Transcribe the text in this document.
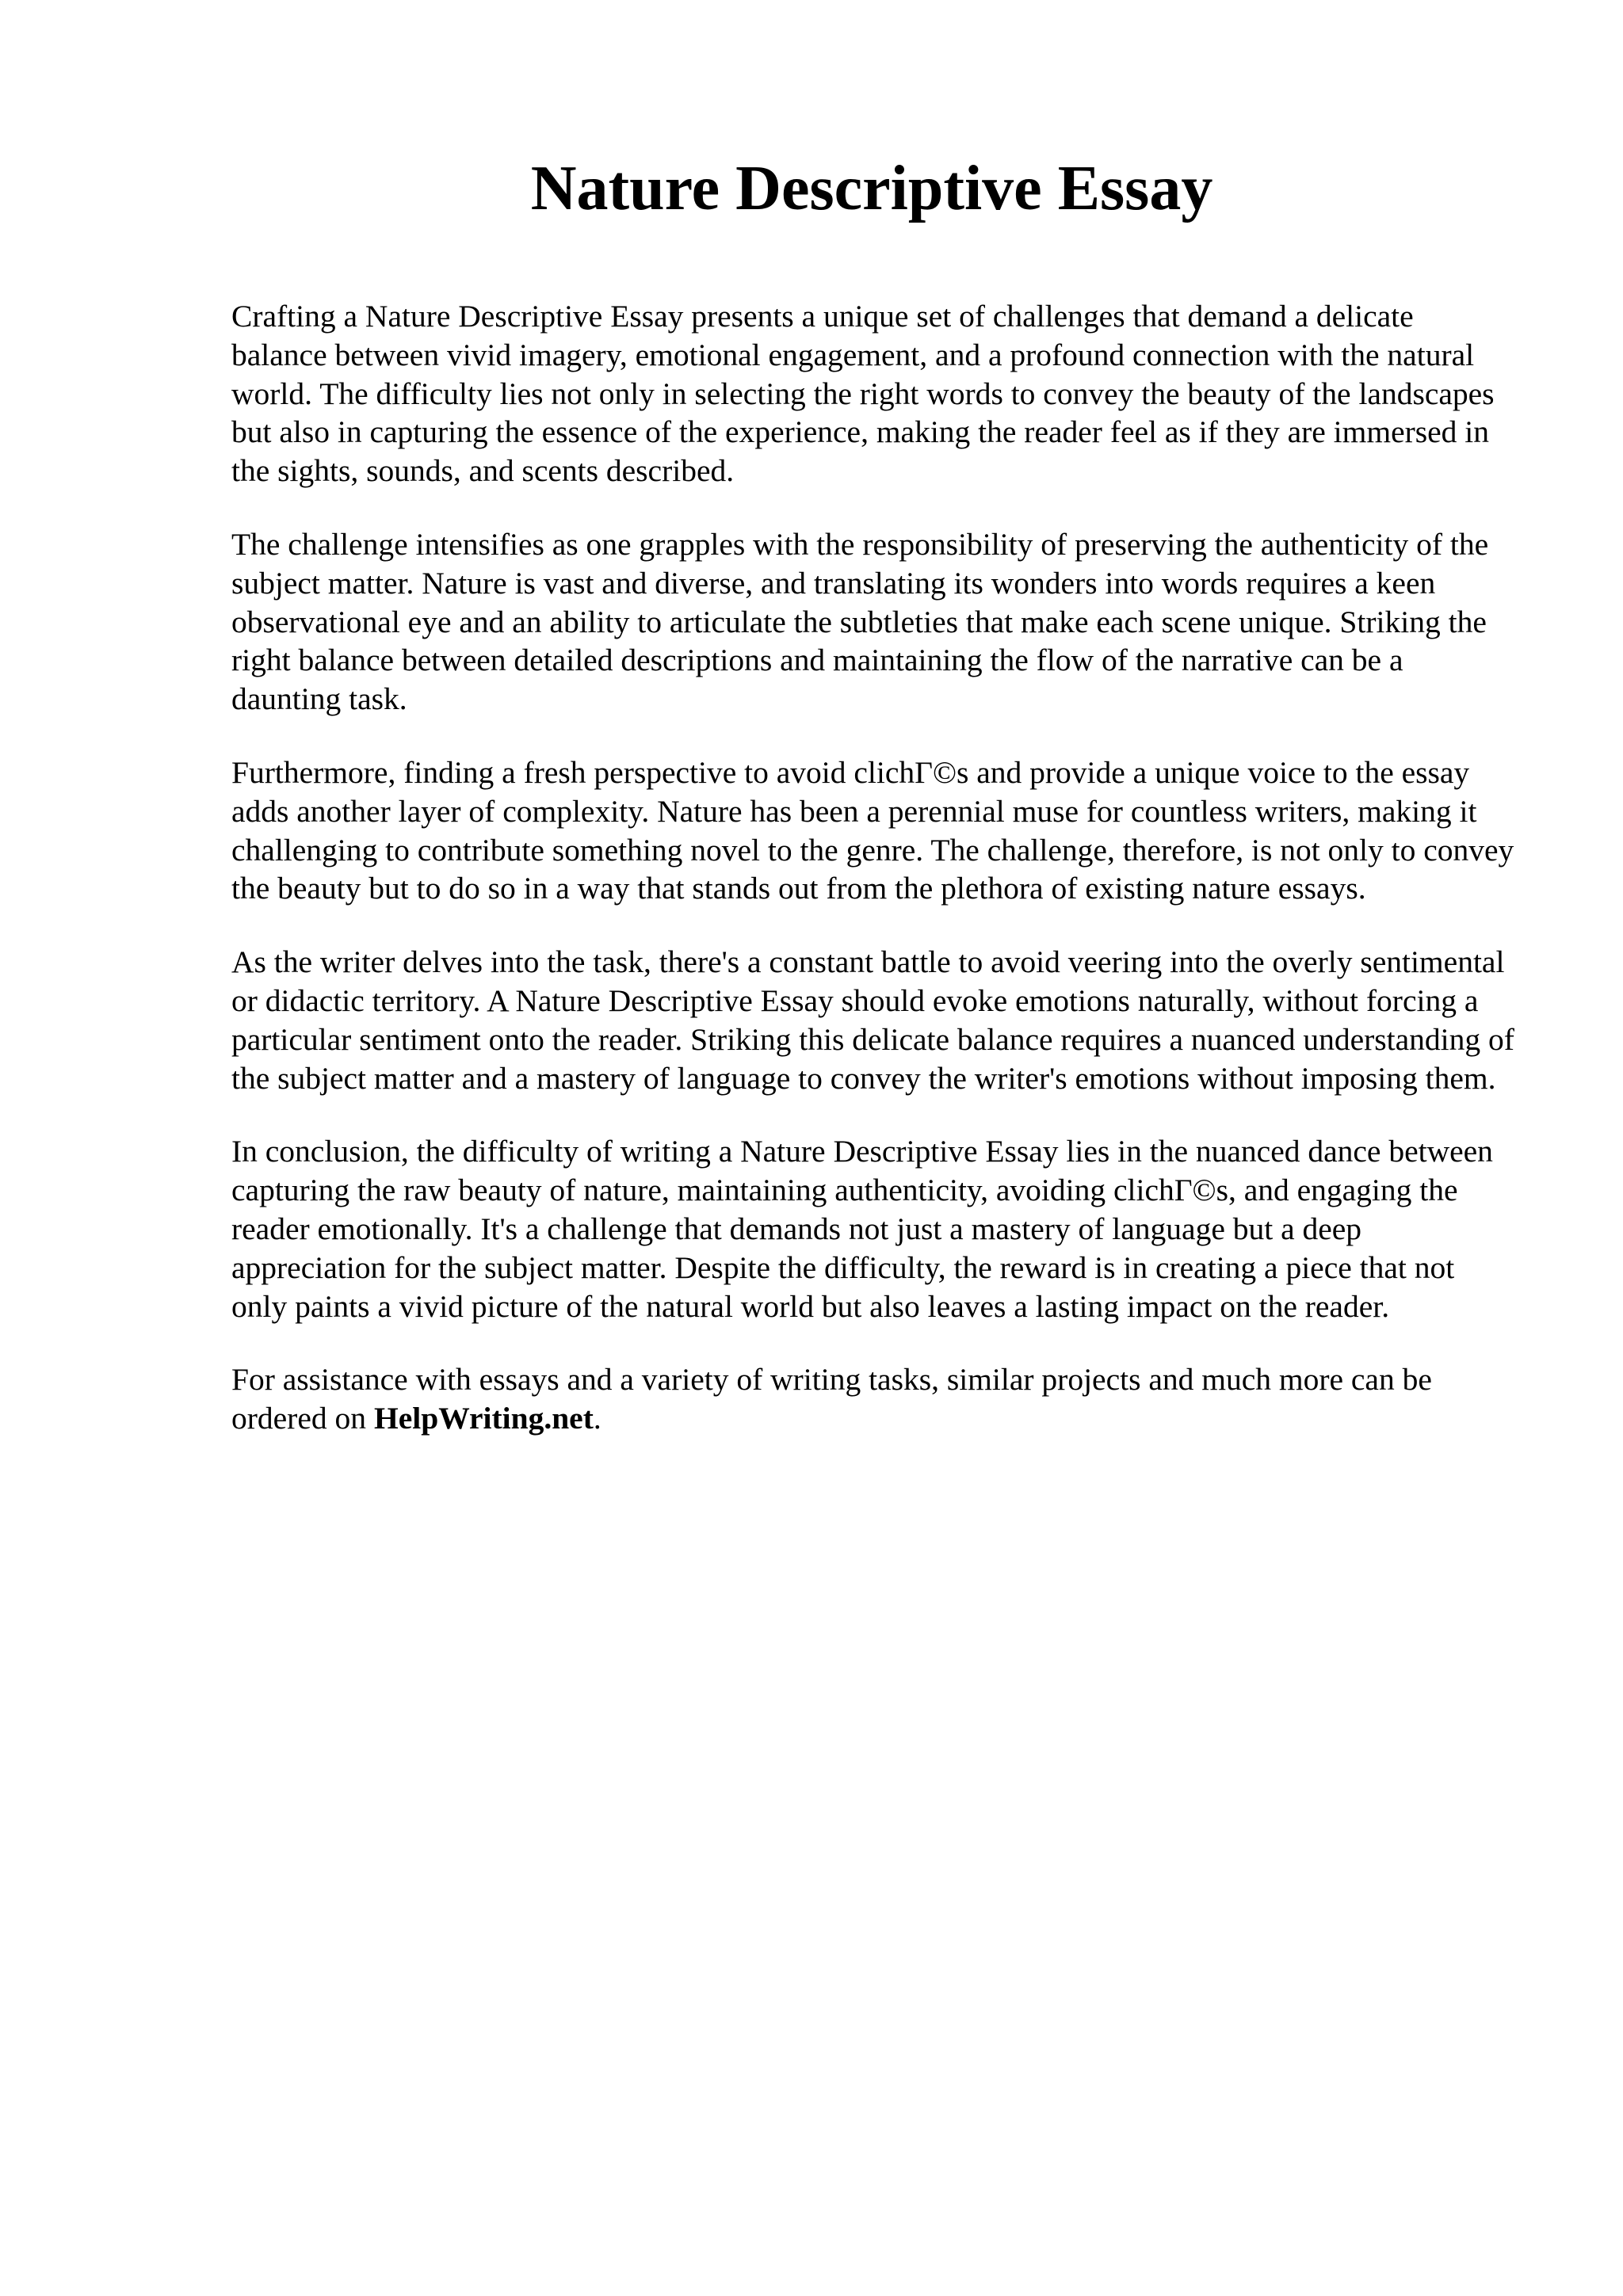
Nature Descriptive Essay

Crafting a Nature Descriptive Essay presents a unique set of challenges that demand a delicate balance between vivid imagery, emotional engagement, and a profound connection with the natural world. The difficulty lies not only in selecting the right words to convey the beauty of the landscapes but also in capturing the essence of the experience, making the reader feel as if they are immersed in the sights, sounds, and scents described.

The challenge intensifies as one grapples with the responsibility of preserving the authenticity of the subject matter. Nature is vast and diverse, and translating its wonders into words requires a keen observational eye and an ability to articulate the subtleties that make each scene unique. Striking the right balance between detailed descriptions and maintaining the flow of the narrative can be a daunting task.

Furthermore, finding a fresh perspective to avoid clichГ©s and provide a unique voice to the essay adds another layer of complexity. Nature has been a perennial muse for countless writers, making it challenging to contribute something novel to the genre. The challenge, therefore, is not only to convey the beauty but to do so in a way that stands out from the plethora of existing nature essays.

As the writer delves into the task, there's a constant battle to avoid veering into the overly sentimental or didactic territory. A Nature Descriptive Essay should evoke emotions naturally, without forcing a particular sentiment onto the reader. Striking this delicate balance requires a nuanced understanding of the subject matter and a mastery of language to convey the writer's emotions without imposing them.

In conclusion, the difficulty of writing a Nature Descriptive Essay lies in the nuanced dance between capturing the raw beauty of nature, maintaining authenticity, avoiding clichГ©s, and engaging the reader emotionally. It's a challenge that demands not just a mastery of language but a deep appreciation for the subject matter. Despite the difficulty, the reward is in creating a piece that not only paints a vivid picture of the natural world but also leaves a lasting impact on the reader.

For assistance with essays and a variety of writing tasks, similar projects and much more can be ordered on HelpWriting.net.
